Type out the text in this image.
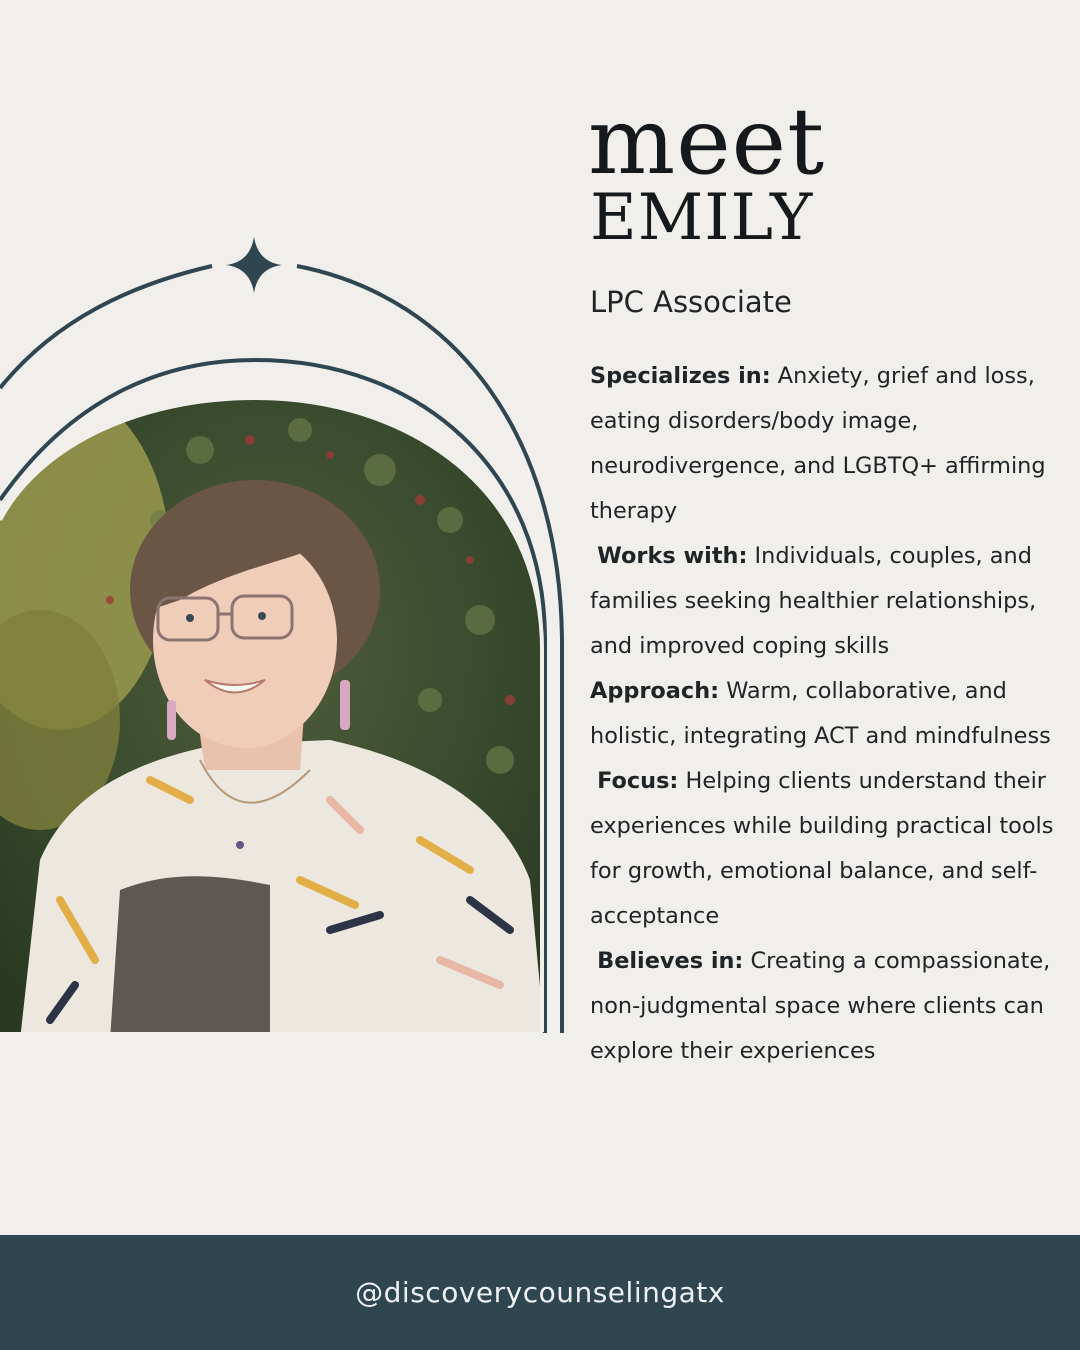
meet
EMILY
LPC Associate

Specializes in: Anxiety, grief and loss, eating disorders/body image, neurodivergence, and LGBTQ+ affirming therapy

Works with: Individuals, couples, and families seeking healthier relationships, and improved coping skills

Approach: Warm, collaborative, and holistic, integrating ACT and mindfulness

Focus: Helping clients understand their experiences while building practical tools for growth, emotional balance, and self-acceptance

Believes in: Creating a compassionate, non-judgmental space where clients can explore their experiences

@discoverycounselingatx
